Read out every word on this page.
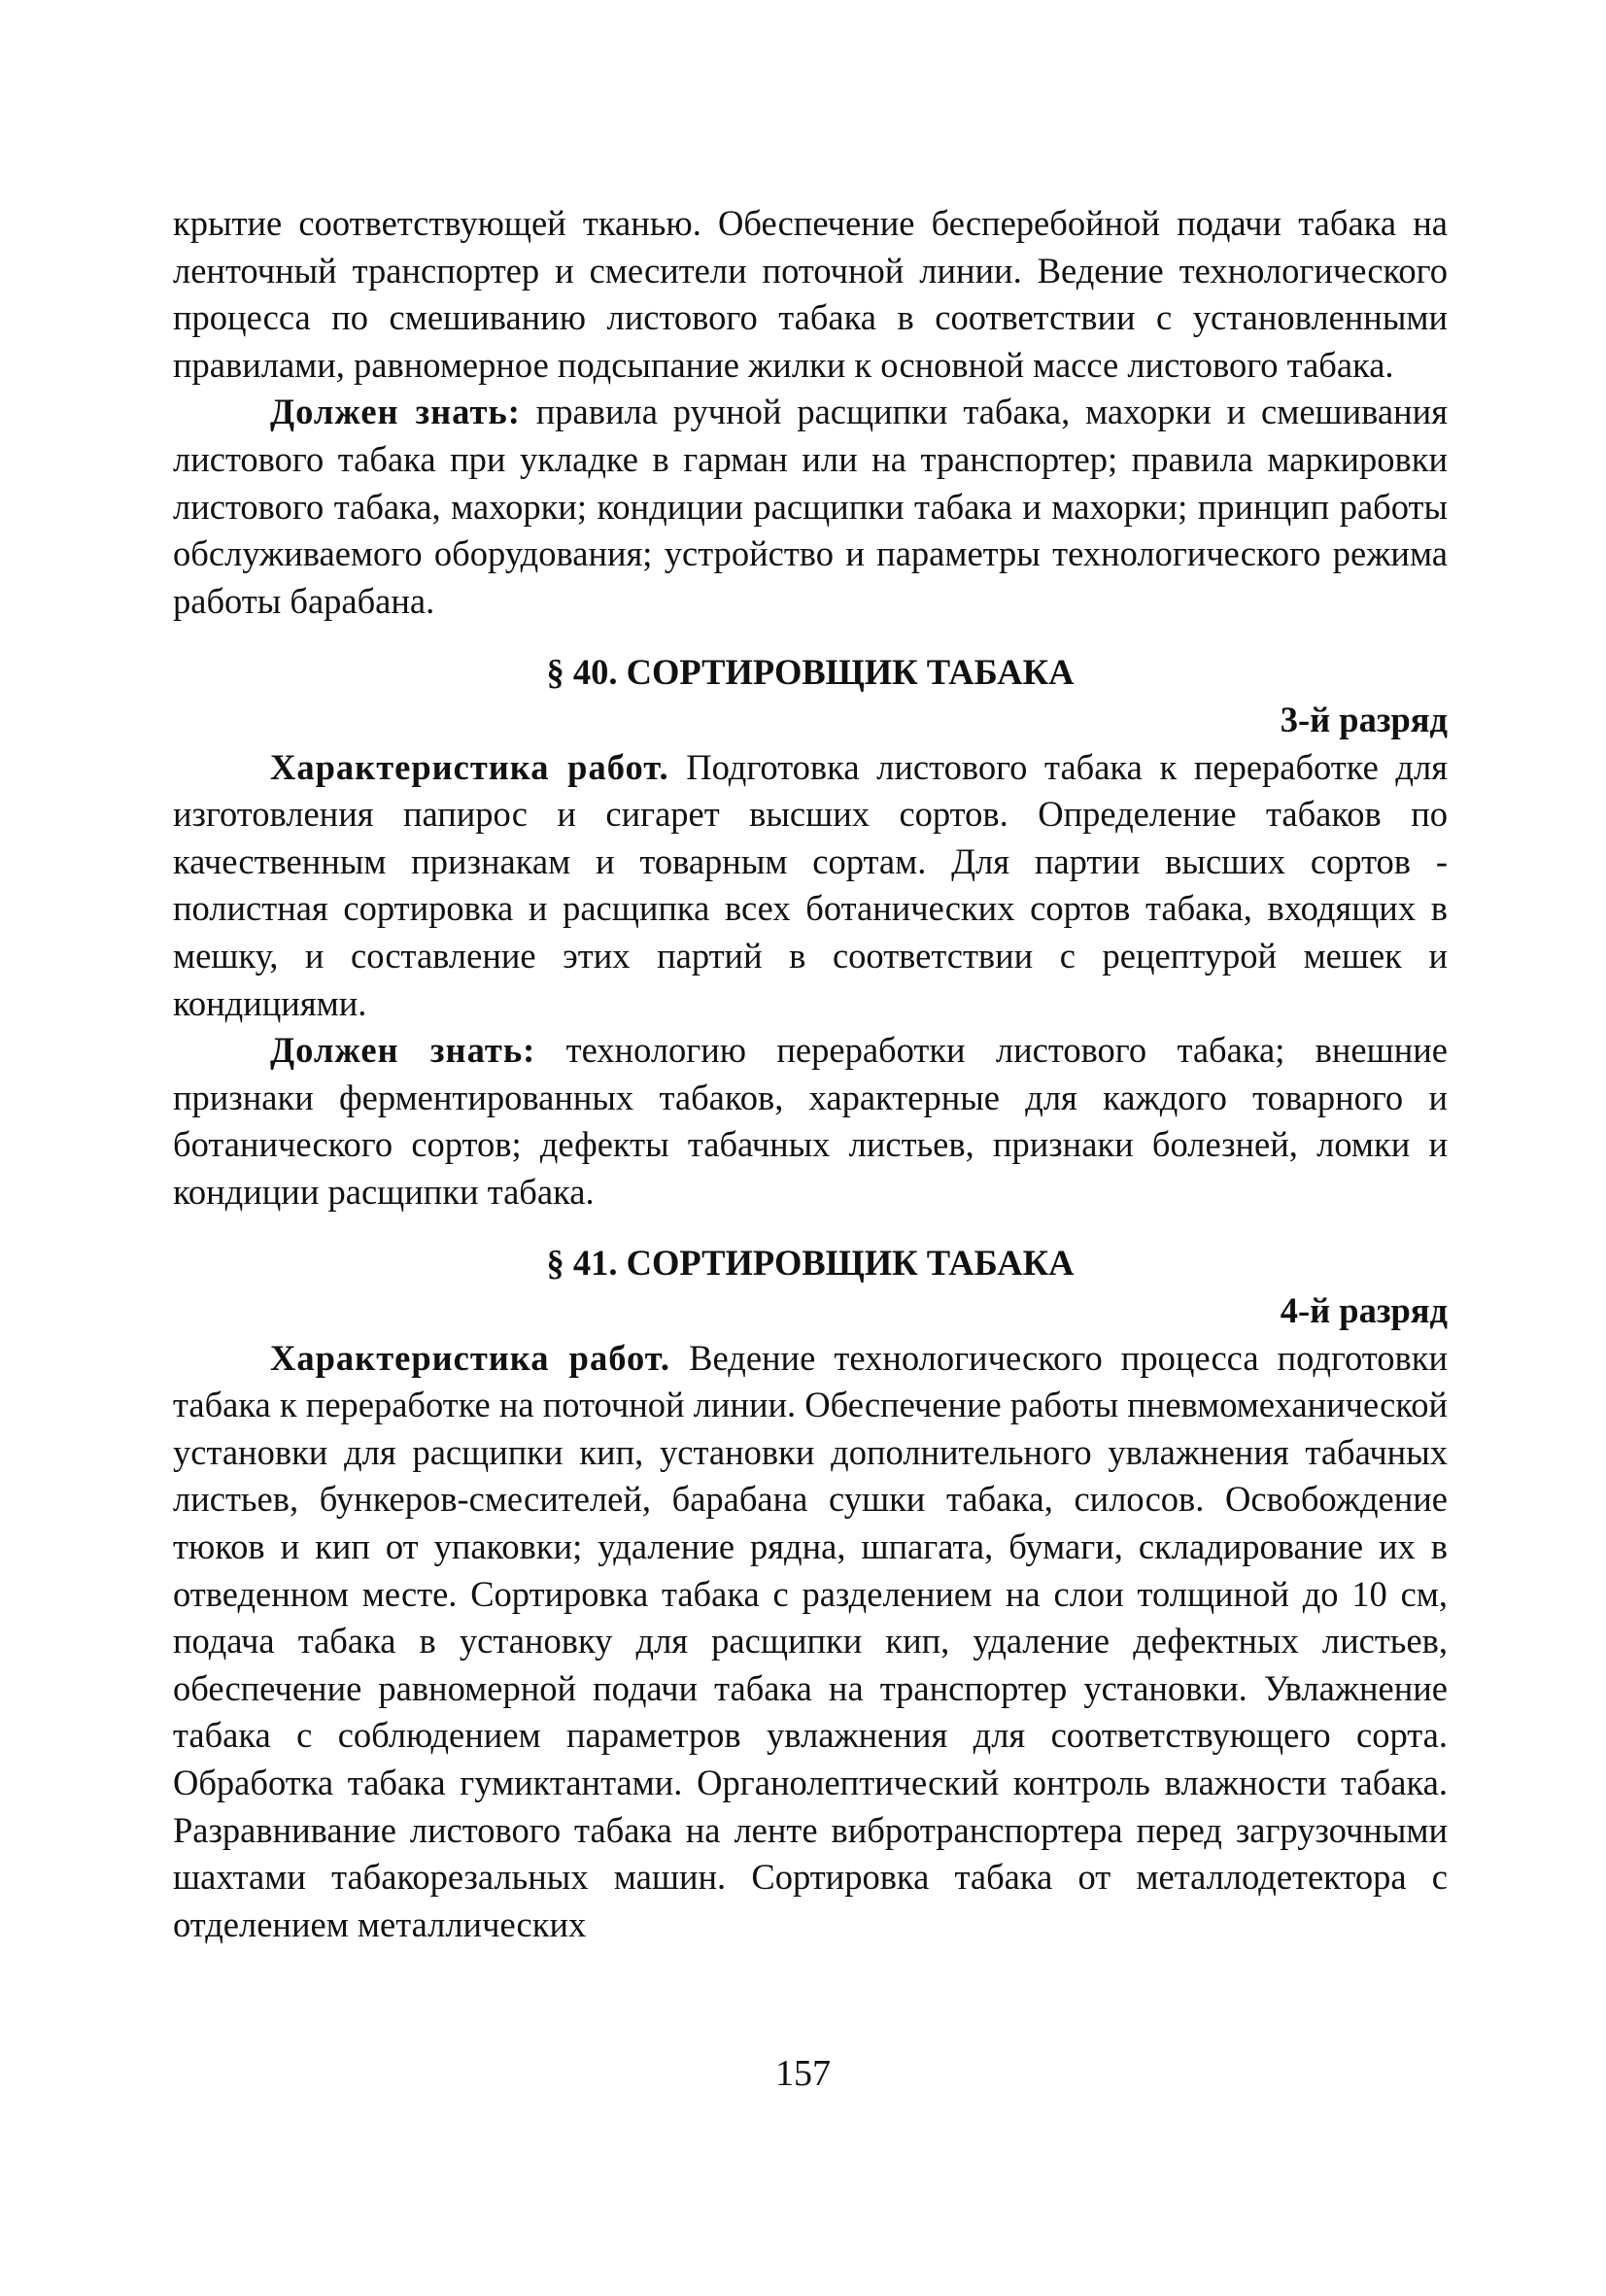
крытие соответствующей тканью. Обеспечение бесперебойной подачи табака на ленточный транспортер и смесители поточной линии. Ведение технологического процесса по смешиванию листового табака в соответствии с установленными правилами, равномерное подсыпание жилки к основной массе листового табака.

Должен знать: правила ручной расщипки табака, махорки и смешивания листового табака при укладке в гарман или на транспортер; правила маркировки листового табака, махорки; кондиции расщипки табака и махорки; принцип работы обслуживаемого оборудования; устройство и параметры технологического режима работы барабана.

§ 40. СОРТИРОВЩИК ТАБАКА

3-й разряд

Характеристика работ. Подготовка листового табака к переработке для изготовления папирос и сигарет высших сортов. Определение табаков по качественным признакам и товарным сортам. Для партии высших сортов - полистная сортировка и расщипка всех ботанических сортов табака, входящих в мешку, и составление этих партий в соответствии с рецептурой мешек и кондициями.

Должен знать: технологию переработки листового табака; внешние признаки ферментированных табаков, характерные для каждого товарного и ботанического сортов; дефекты табачных листьев, признаки болезней, ломки и кондиции расщипки табака.

§ 41. СОРТИРОВЩИК ТАБАКА

4-й разряд

Характеристика работ. Ведение технологического процесса подготовки табака к переработке на поточной линии. Обеспечение работы пневмомеханической установки для расщипки кип, установки дополнительного увлажнения табачных листьев, бункеров-смесителей, барабана сушки табака, силосов. Освобождение тюков и кип от упаковки; удаление рядна, шпагата, бумаги, складирование их в отведенном месте. Сортировка табака с разделением на слои толщиной до 10 см, подача табака в установку для расщипки кип, удаление дефектных листьев, обеспечение равномерной подачи табака на транспортер установки. Увлажнение табака с соблюдением параметров увлажнения для соответствующего сорта. Обработка табака гумиктантами. Органолептический контроль влажности табака. Разравнивание листового табака на ленте вибротранспортера перед загрузочными шахтами табакорезальных машин. Сортировка табака от металлодетектора с отделением металлических

157
